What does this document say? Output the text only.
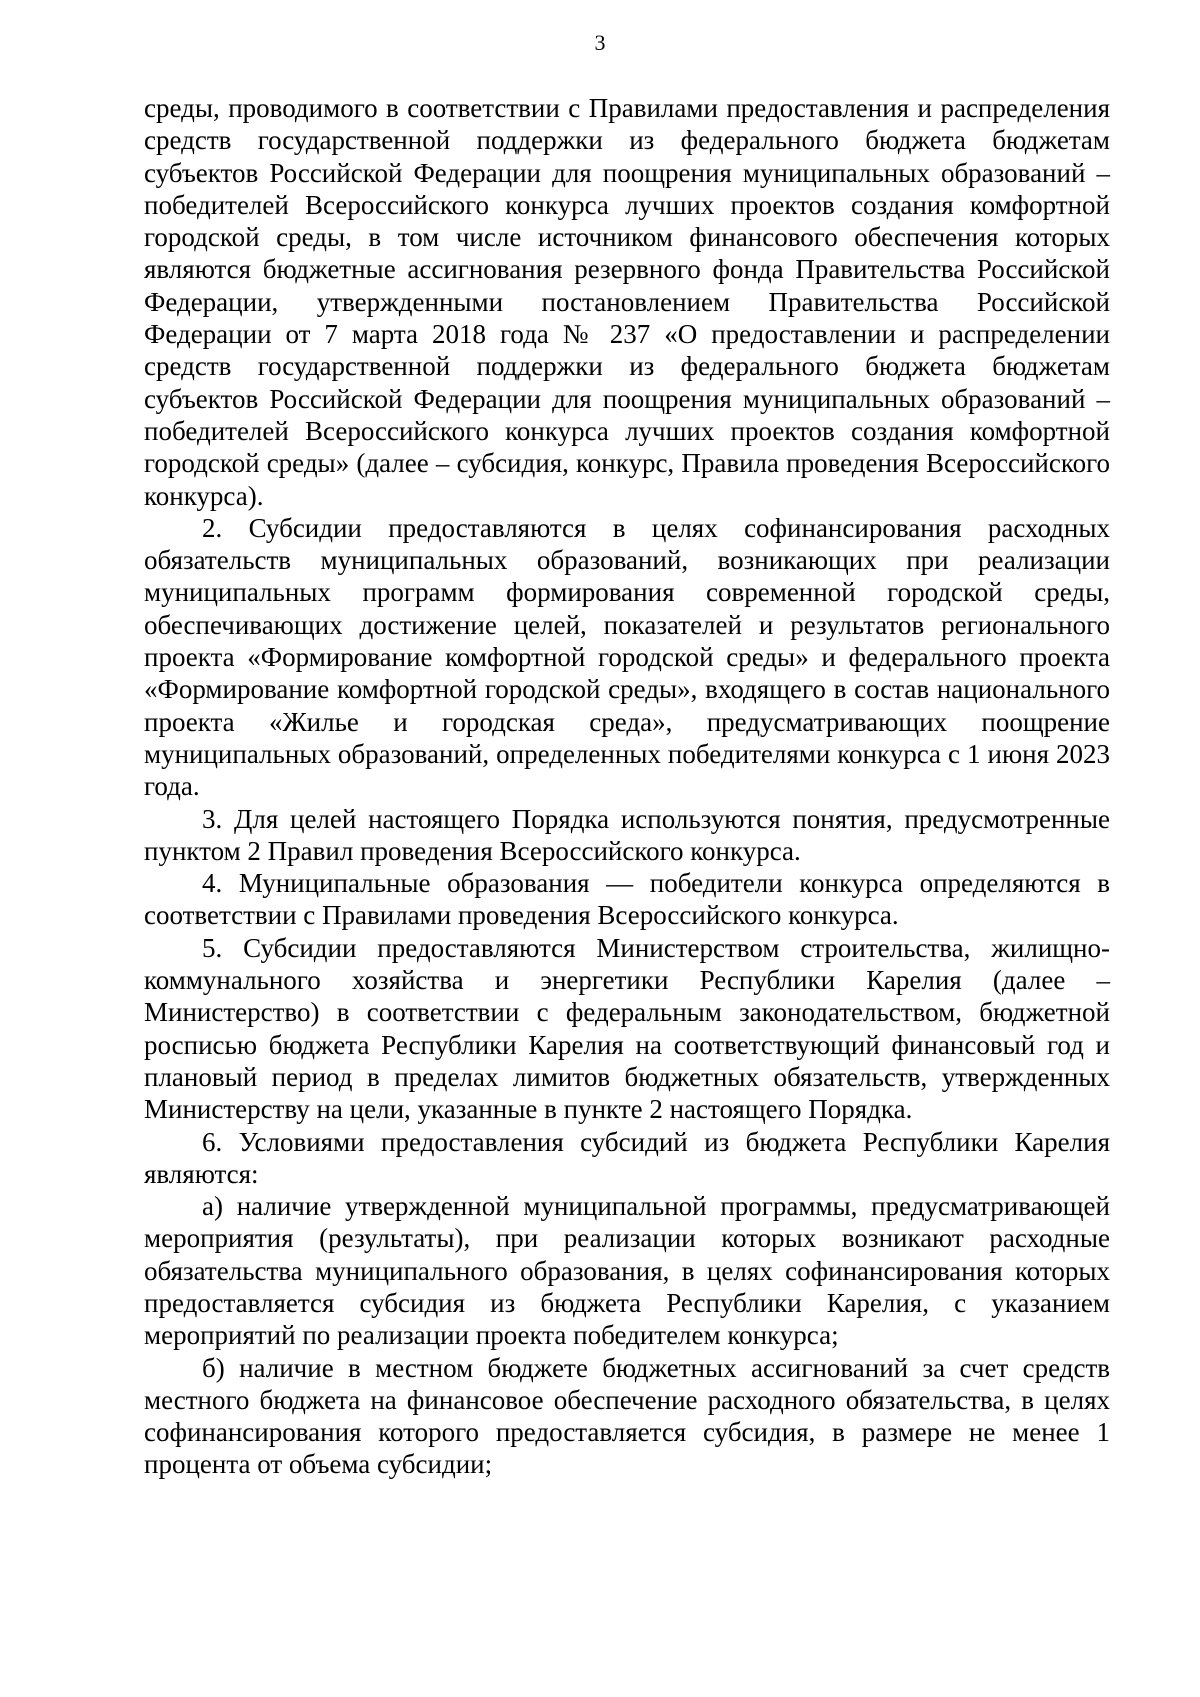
3

среды, проводимого в соответствии с Правилами предоставления и распределения средств государственной поддержки из федерального бюджета бюджетам субъектов Российской Федерации для поощрения муниципальных образований – победителей Всероссийского конкурса лучших проектов создания комфортной городской среды, в том числе источником финансового обеспечения которых являются бюджетные ассигнования резервного фонда Правительства Российской Федерации, утвержденными постановлением Правительства Российской Федерации от 7 марта 2018 года № 237 «О предоставлении и распределении средств государственной поддержки из федерального бюджета бюджетам субъектов Российской Федерации для поощрения муниципальных образований – победителей Всероссийского конкурса лучших проектов создания комфортной городской среды» (далее – субсидия, конкурс, Правила проведения Всероссийского конкурса).

2. Субсидии предоставляются в целях софинансирования расходных обязательств муниципальных образований, возникающих при реализации муниципальных программ формирования современной городской среды, обеспечивающих достижение целей, показателей и результатов регионального проекта «Формирование комфортной городской среды» и федерального проекта «Формирование комфортной городской среды», входящего в состав национального проекта «Жилье и городская среда», предусматривающих поощрение муниципальных образований, определенных победителями конкурса с 1 июня 2023 года.

3. Для целей настоящего Порядка используются понятия, предусмотренные пунктом 2 Правил проведения Всероссийского конкурса.

4. Муниципальные образования — победители конкурса определяются в соответствии с Правилами проведения Всероссийского конкурса.

5. Субсидии предоставляются Министерством строительства, жилищно-коммунального хозяйства и энергетики Республики Карелия (далее – Министерство) в соответствии с федеральным законодательством, бюджетной росписью бюджета Республики Карелия на соответствующий финансовый год и плановый период в пределах лимитов бюджетных обязательств, утвержденных Министерству на цели, указанные в пункте 2 настоящего Порядка.

6. Условиями предоставления субсидий из бюджета Республики Карелия являются:

а) наличие утвержденной муниципальной программы, предусматривающей мероприятия (результаты), при реализации которых возникают расходные обязательства муниципального образования, в целях софинансирования которых предоставляется субсидия из бюджета Республики Карелия, с указанием мероприятий по реализации проекта победителем конкурса;

б) наличие в местном бюджете бюджетных ассигнований за счет средств местного бюджета на финансовое обеспечение расходного обязательства, в целях софинансирования которого предоставляется субсидия, в размере не менее 1 процента от объема субсидии;
